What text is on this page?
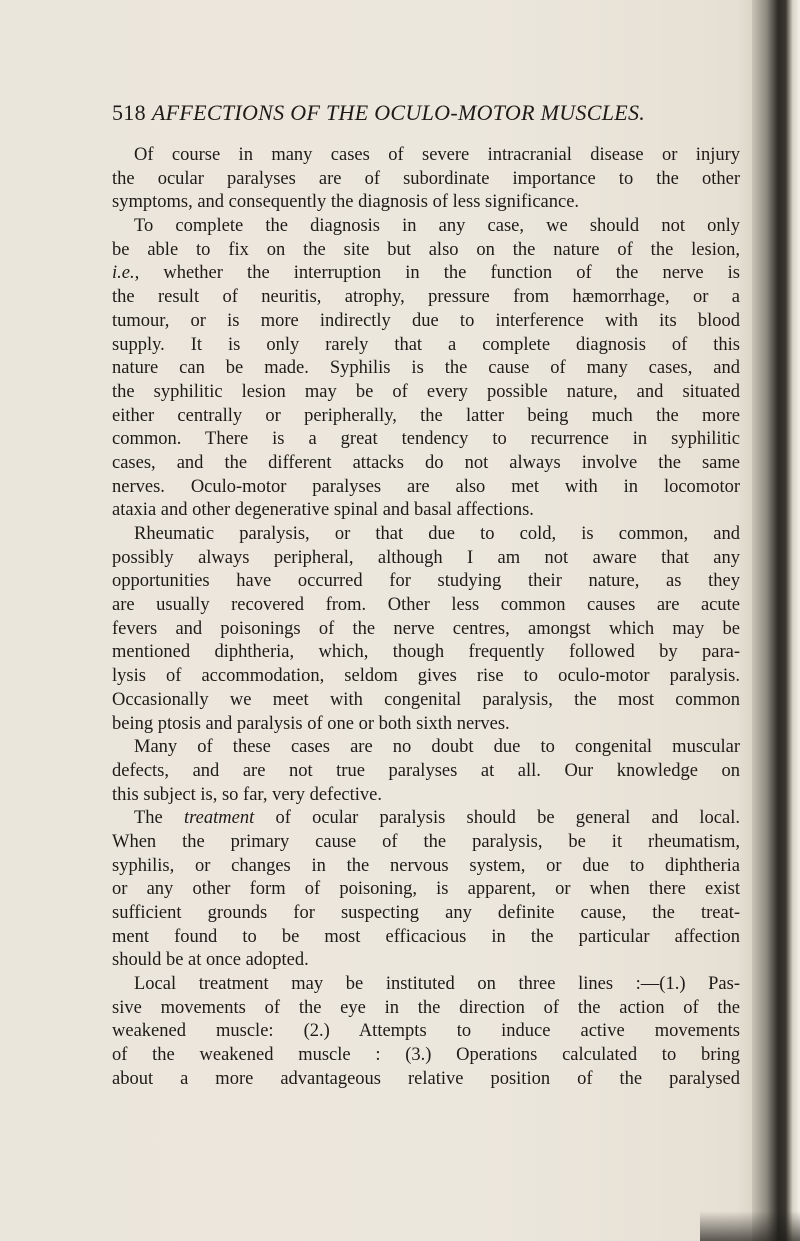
518 AFFECTIONS OF THE OCULO-MOTOR MUSCLES.
Of course in many cases of severe intracranial disease or injury
the ocular paralyses are of subordinate importance to the other
symptoms, and consequently the diagnosis of less significance.
To complete the diagnosis in any case, we should not only
be able to fix on the site but also on the nature of the lesion,
i.e., whether the interruption in the function of the nerve is
the result of neuritis, atrophy, pressure from hæmorrhage, or a
tumour, or is more indirectly due to interference with its blood
supply. It is only rarely that a complete diagnosis of this
nature can be made. Syphilis is the cause of many cases, and
the syphilitic lesion may be of every possible nature, and situated
either centrally or peripherally, the latter being much the more
common. There is a great tendency to recurrence in syphilitic
cases, and the different attacks do not always involve the same
nerves. Oculo-motor paralyses are also met with in locomotor
ataxia and other degenerative spinal and basal affections.
Rheumatic paralysis, or that due to cold, is common, and
possibly always peripheral, although I am not aware that any
opportunities have occurred for studying their nature, as they
are usually recovered from. Other less common causes are acute
fevers and poisonings of the nerve centres, amongst which may be
mentioned diphtheria, which, though frequently followed by para-
lysis of accommodation, seldom gives rise to oculo-motor paralysis.
Occasionally we meet with congenital paralysis, the most common
being ptosis and paralysis of one or both sixth nerves.
Many of these cases are no doubt due to congenital muscular
defects, and are not true paralyses at all. Our knowledge on
this subject is, so far, very defective.
The treatment of ocular paralysis should be general and local.
When the primary cause of the paralysis, be it rheumatism,
syphilis, or changes in the nervous system, or due to diphtheria
or any other form of poisoning, is apparent, or when there exist
sufficient grounds for suspecting any definite cause, the treat-
ment found to be most efficacious in the particular affection
should be at once adopted.
Local treatment may be instituted on three lines :—(1.) Pas-
sive movements of the eye in the direction of the action of the
weakened muscle: (2.) Attempts to induce active movements
of the weakened muscle : (3.) Operations calculated to bring
about a more advantageous relative position of the paralysed
